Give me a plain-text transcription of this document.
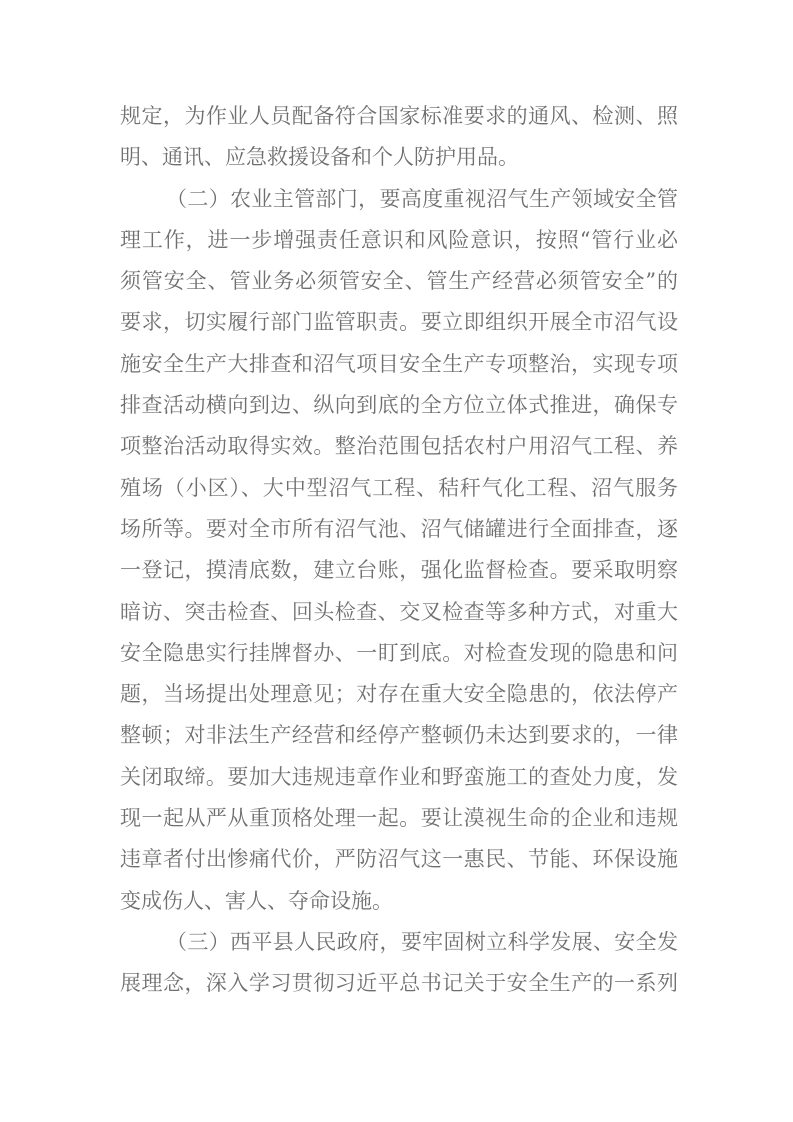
规定，为作业人员配备符合国家标准要求的通风、检测、照
明、通讯、应急救援设备和个人防护用品。
（二）农业主管部门，要高度重视沼气生产领域安全管
理工作，进一步增强责任意识和风险意识，按照“管行业必
须管安全、管业务必须管安全、管生产经营必须管安全”的
要求，切实履行部门监管职责。要立即组织开展全市沼气设
施安全生产大排查和沼气项目安全生产专项整治，实现专项
排查活动横向到边、纵向到底的全方位立体式推进，确保专
项整治活动取得实效。整治范围包括农村户用沼气工程、养
殖场（小区）、大中型沼气工程、秸秆气化工程、沼气服务
场所等。要对全市所有沼气池、沼气储罐进行全面排查，逐
一登记，摸清底数，建立台账，强化监督检查。要采取明察
暗访、突击检查、回头检查、交叉检查等多种方式，对重大
安全隐患实行挂牌督办、一盯到底。对检查发现的隐患和问
题，当场提出处理意见；对存在重大安全隐患的，依法停产
整顿；对非法生产经营和经停产整顿仍未达到要求的，一律
关闭取缔。要加大违规违章作业和野蛮施工的查处力度，发
现一起从严从重顶格处理一起。要让漠视生命的企业和违规
违章者付出惨痛代价，严防沼气这一惠民、节能、环保设施
变成伤人、害人、夺命设施。
（三）西平县人民政府，要牢固树立科学发展、安全发
展理念，深入学习贯彻习近平总书记关于安全生产的一系列
